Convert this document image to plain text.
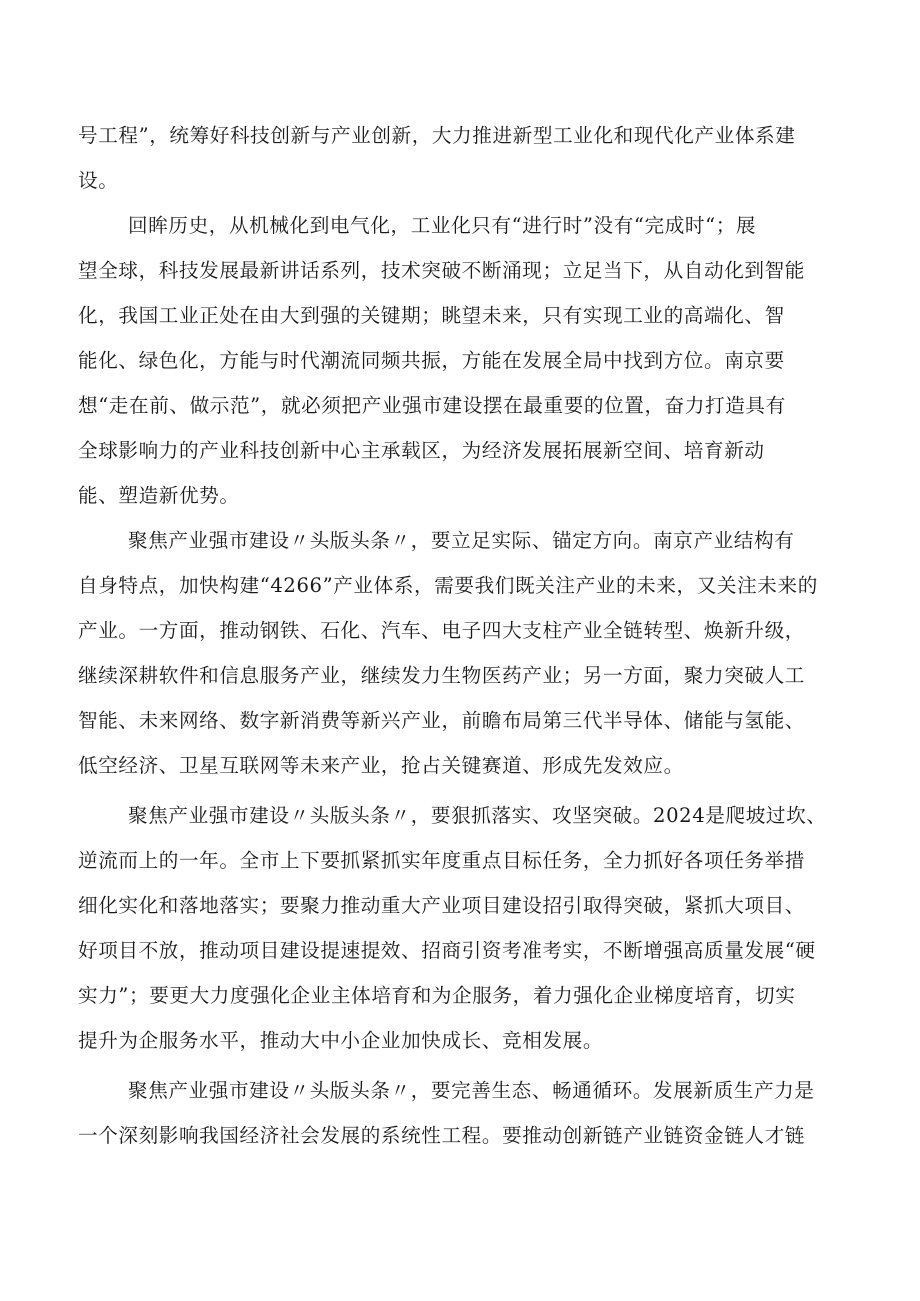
号工程”，统筹好科技创新与产业创新，大力推进新型工业化和现代化产业体系建
设。
回眸历史，从机械化到电气化，工业化只有“进行时”没有“完成时“；展
望全球，科技发展最新讲话系列，技术突破不断涌现；立足当下，从自动化到智能
化，我国工业正处在由大到强的关键期；眺望未来，只有实现工业的高端化、智
能化、绿色化，方能与时代潮流同频共振，方能在发展全局中找到方位。南京要
想“走在前、做示范”，就必须把产业强市建设摆在最重要的位置，奋力打造具有
全球影响力的产业科技创新中心主承载区，为经济发展拓展新空间、培育新动
能、塑造新优势。
聚焦产业强市建设〃头版头条〃，要立足实际、锚定方向。南京产业结构有
自身特点，加快构建“4266”产业体系，需要我们既关注产业的未来，又关注未来的
产业。一方面，推动钢铁、石化、汽车、电子四大支柱产业全链转型、焕新升级，
继续深耕软件和信息服务产业，继续发力生物医药产业；另一方面，聚力突破人工
智能、未来网络、数字新消费等新兴产业，前瞻布局第三代半导体、储能与氢能、
低空经济、卫星互联网等未来产业，抢占关键赛道、形成先发效应。
聚焦产业强市建设〃头版头条〃，要狠抓落实、攻坚突破。2024是爬坡过坎、
逆流而上的一年。全市上下要抓紧抓实年度重点目标任务，全力抓好各项任务举措
细化实化和落地落实；要聚力推动重大产业项目建设招引取得突破，紧抓大项目、
好项目不放，推动项目建设提速提效、招商引资考准考实，不断增强高质量发展“硬
实力”；要更大力度强化企业主体培育和为企服务，着力强化企业梯度培育，切实
提升为企服务水平，推动大中小企业加快成长、竞相发展。
聚焦产业强市建设〃头版头条〃，要完善生态、畅通循环。发展新质生产力是
一个深刻影响我国经济社会发展的系统性工程。要推动创新链产业链资金链人才链
